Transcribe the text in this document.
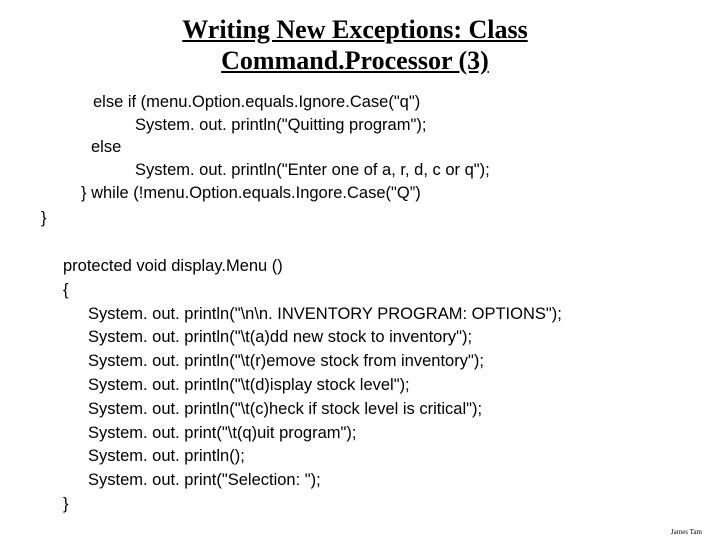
Writing New Exceptions: Class
Command.Processor (3)
else if (menu.Option.equals.Ignore.Case("q")
System. out. println("Quitting program");
else
System. out. println("Enter one of a, r, d, c or q");
} while (!menu.Option.equals.Ingore.Case("Q”)
}
protected void display.Menu ()
{
System. out. println("\n\n. INVENTORY PROGRAM: OPTIONS");
System. out. println("\t(a)dd new stock to inventory");
System. out. println("\t(r)emove stock from inventory");
System. out. println("\t(d)isplay stock level");
System. out. println("\t(c)heck if stock level is critical");
System. out. print("\t(q)uit program");
System. out. println();
System. out. print("Selection: ");
}
James Tam
